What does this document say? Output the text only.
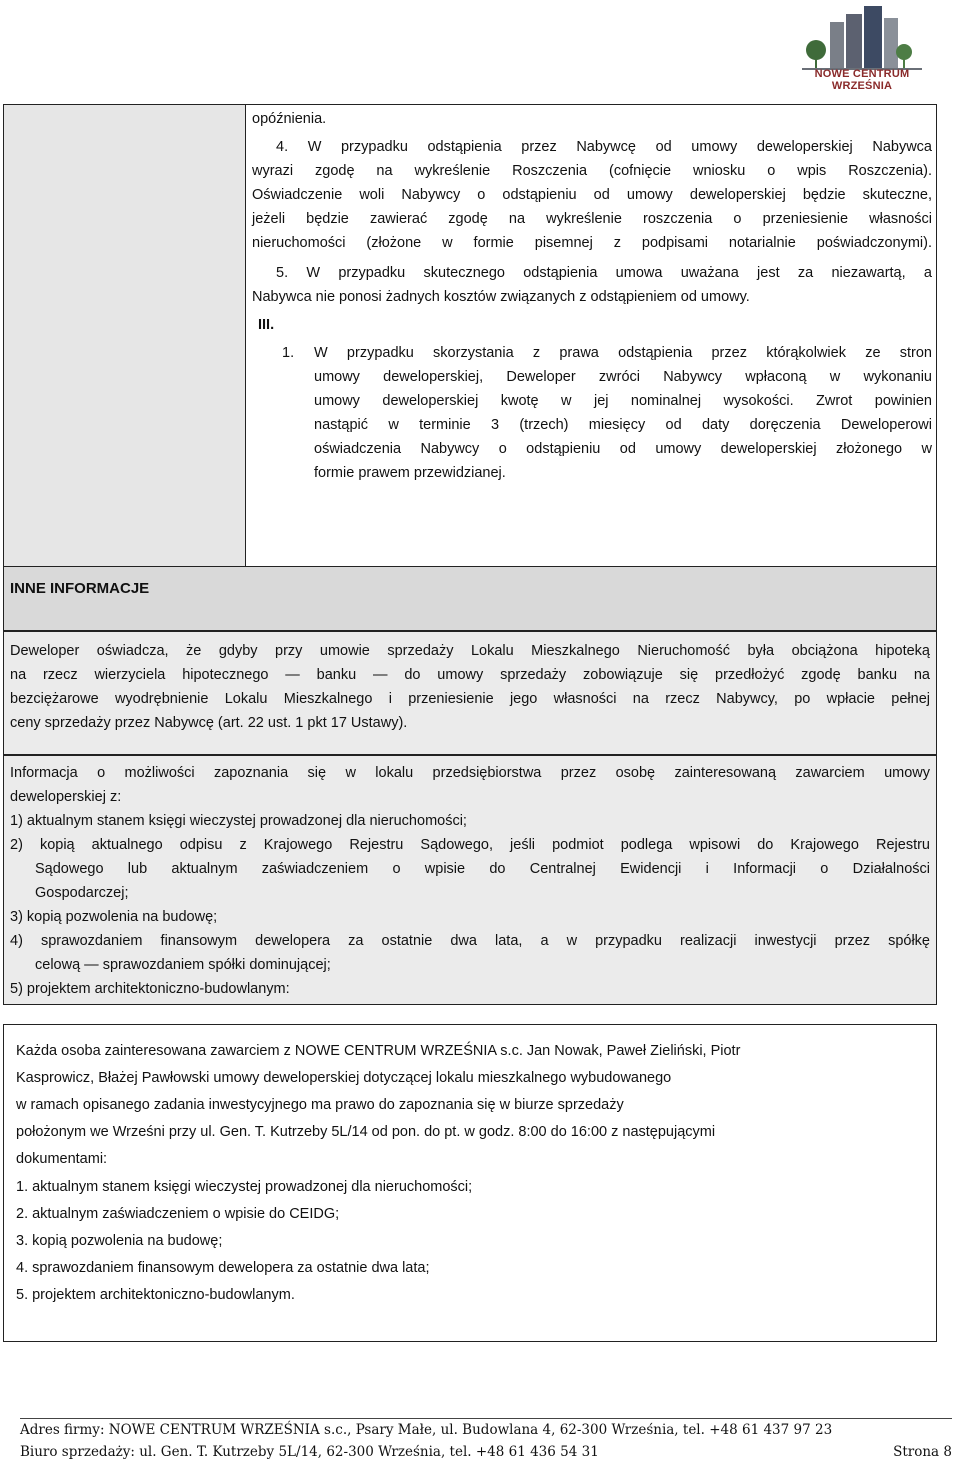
NOWE CENTRUM WRZEŚNIA
opóźnienia.
4. W przypadku odstąpienia przez Nabywcę od umowy deweloperskiej Nabywca
wyrazi zgodę na wykreślenie Roszczenia (cofnięcie wniosku o wpis Roszczenia).
Oświadczenie woli Nabywcy o odstąpieniu od umowy deweloperskiej będzie skuteczne,
jeżeli będzie zawierać zgodę na wykreślenie roszczenia o przeniesienie własności
nieruchomości (złożone w formie pisemnej z podpisami notarialnie poświadczonymi).
5. W przypadku skutecznego odstąpienia umowa uważana jest za niezawartą, a
Nabywca nie ponosi żadnych kosztów związanych z odstąpieniem od umowy.
III.
1.	W przypadku skorzystania z prawa odstąpienia przez którąkolwiek ze stron
umowy deweloperskiej, Deweloper zwróci Nabywcy wpłaconą w wykonaniu
umowy deweloperskiej kwotę w jej nominalnej wysokości. Zwrot powinien
nastąpić w terminie 3 (trzech) miesięcy od daty doręczenia Deweloperowi
oświadczenia Nabywcy o odstąpieniu od umowy deweloperskiej złożonego w
formie prawem przewidzianej.
INNE INFORMACJE
Deweloper oświadcza, że gdyby przy umowie sprzedaży Lokalu Mieszkalnego Nieruchomość była obciążona hipoteką
na rzecz wierzyciela hipotecznego — banku — do umowy sprzedaży zobowiązuje się przedłożyć zgodę banku na
bezciężarowe wyodrębnienie Lokalu Mieszkalnego i przeniesienie jego własności na rzecz Nabywcy, po wpłacie pełnej
ceny sprzedaży przez Nabywcę (art. 22 ust. 1 pkt 17 Ustawy).
Informacja o możliwości zapoznania się w lokalu przedsiębiorstwa przez osobę zainteresowaną zawarciem umowy
deweloperskiej z:
1) aktualnym stanem księgi wieczystej prowadzonej dla nieruchomości;
2) kopią aktualnego odpisu z Krajowego Rejestru Sądowego, jeśli podmiot podlega wpisowi do Krajowego Rejestru
Sądowego lub aktualnym zaświadczeniem o wpisie do Centralnej Ewidencji i Informacji o Działalności
Gospodarczej;
3) kopią pozwolenia na budowę;
4) sprawozdaniem finansowym dewelopera za ostatnie dwa lata, a w przypadku realizacji inwestycji przez spółkę
celową — sprawozdaniem spółki dominującej;
5) projektem architektoniczno-budowlanym:
Każda osoba zainteresowana zawarciem z NOWE CENTRUM WRZEŚNIA s.c. Jan Nowak, Paweł Zieliński, Piotr
Kasprowicz, Błażej Pawłowski umowy deweloperskiej dotyczącej lokalu mieszkalnego wybudowanego
w ramach opisanego zadania inwestycyjnego ma prawo do zapoznania się w biurze sprzedaży
położonym we Wrześni przy ul. Gen. T. Kutrzeby 5L/14 od pon. do pt. w godz. 8:00 do 16:00 z następującymi
dokumentami:
1. aktualnym stanem księgi wieczystej prowadzonej dla nieruchomości;
2. aktualnym zaświadczeniem o wpisie do CEIDG;
3. kopią pozwolenia na budowę;
4. sprawozdaniem finansowym dewelopera za ostatnie dwa lata;
5. projektem architektoniczno-budowlanym.
Adres firmy: NOWE CENTRUM WRZEŚNIA s.c., Psary Małe, ul. Budowlana 4, 62-300 Września, tel. +48 61 437 97 23
Biuro sprzedaży: ul. Gen. T. Kutrzeby 5L/14, 62-300 Września, tel. +48 61 436 54 31	Strona 8
